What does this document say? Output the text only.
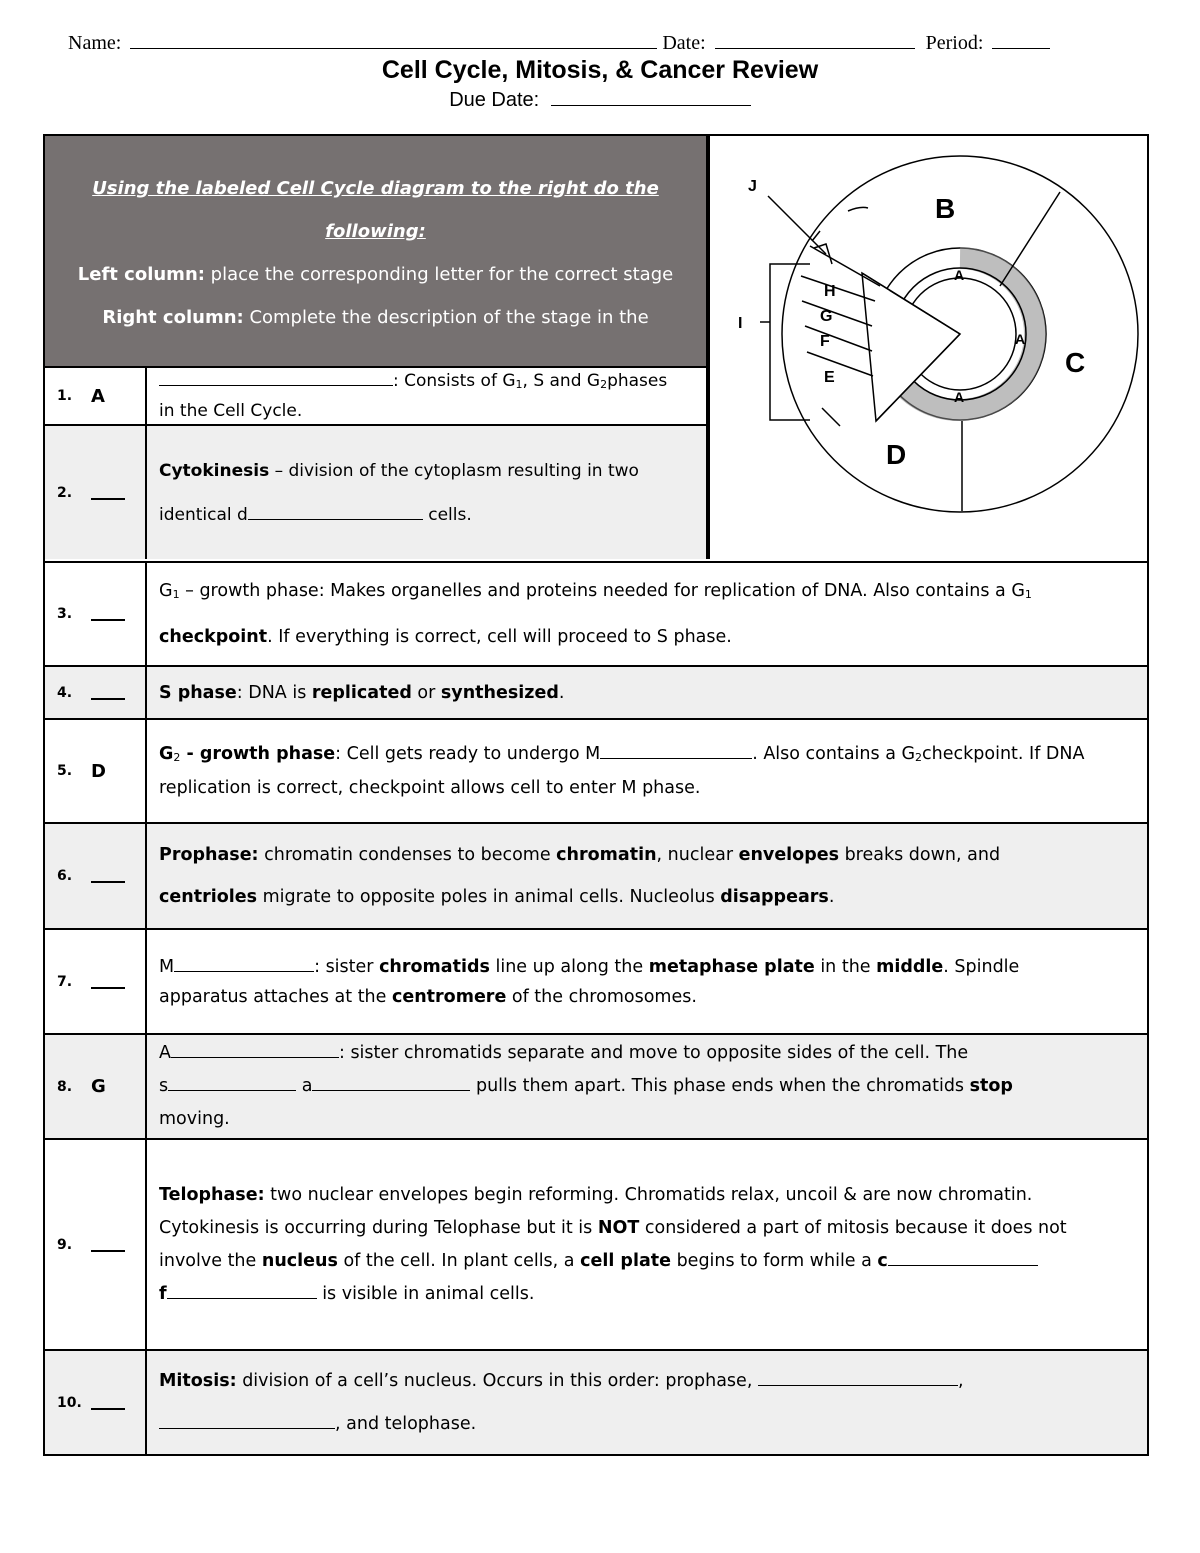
Name:	Date:	Period:
Cell Cycle, Mitosis, & Cancer Review
Due Date:
Using the labeled Cell Cycle diagram to the right do the
following:
Left column: place the corresponding letter for the correct stage
Right column: Complete the description of the stage in the
1.	A

: Consists of $G_1$, S and $G_2phases$

in the Cell Cycle.

2.

Cytokinesis – division of the cytoplasm resulting in two

identical d	cells.

J
B
I
H
G
F
E
A
A
A
C
D
3.

$G_1$ – growth phase: Makes organelles and proteins needed for replication of DNA. Also contains a $G_1$

checkpoint. If everything is correct, cell will proceed to S phase.

4.	S phase: DNA is replicated or synthesized.

5.	D

$G_2$ - growth phase: Cell gets ready to undergo M	. Also contains a $G_2checkpoint$. If DNA

replication is correct, checkpoint allows cell to enter M phase.

6.

Prophase: chromatin condenses to become chromatin, nuclear envelopes breaks down, and

centrioles migrate to opposite poles in animal cells. Nucleolus disappears.

7.

M	: sister chromatids line up along the metaphase plate in the middle. Spindle

apparatus attaches at the centromere of the chromosomes.

8.	G

A	: sister chromatids separate and move to opposite sides of the cell. The

s	a	pulls them apart. This phase ends when the chromatids stop

moving.

9.

Telophase: two nuclear envelopes begin reforming. Chromatids relax, uncoil & are now chromatin.

Cytokinesis is occurring during Telophase but it is NOT considered a part of mitosis because it does not

involve the nucleus of the cell. In plant cells, a cell plate begins to form while a c

f	is visible in animal cells.

10.

Mitosis: division of a cell’s nucleus. Occurs in this order: prophase,	,

, and telophase.
